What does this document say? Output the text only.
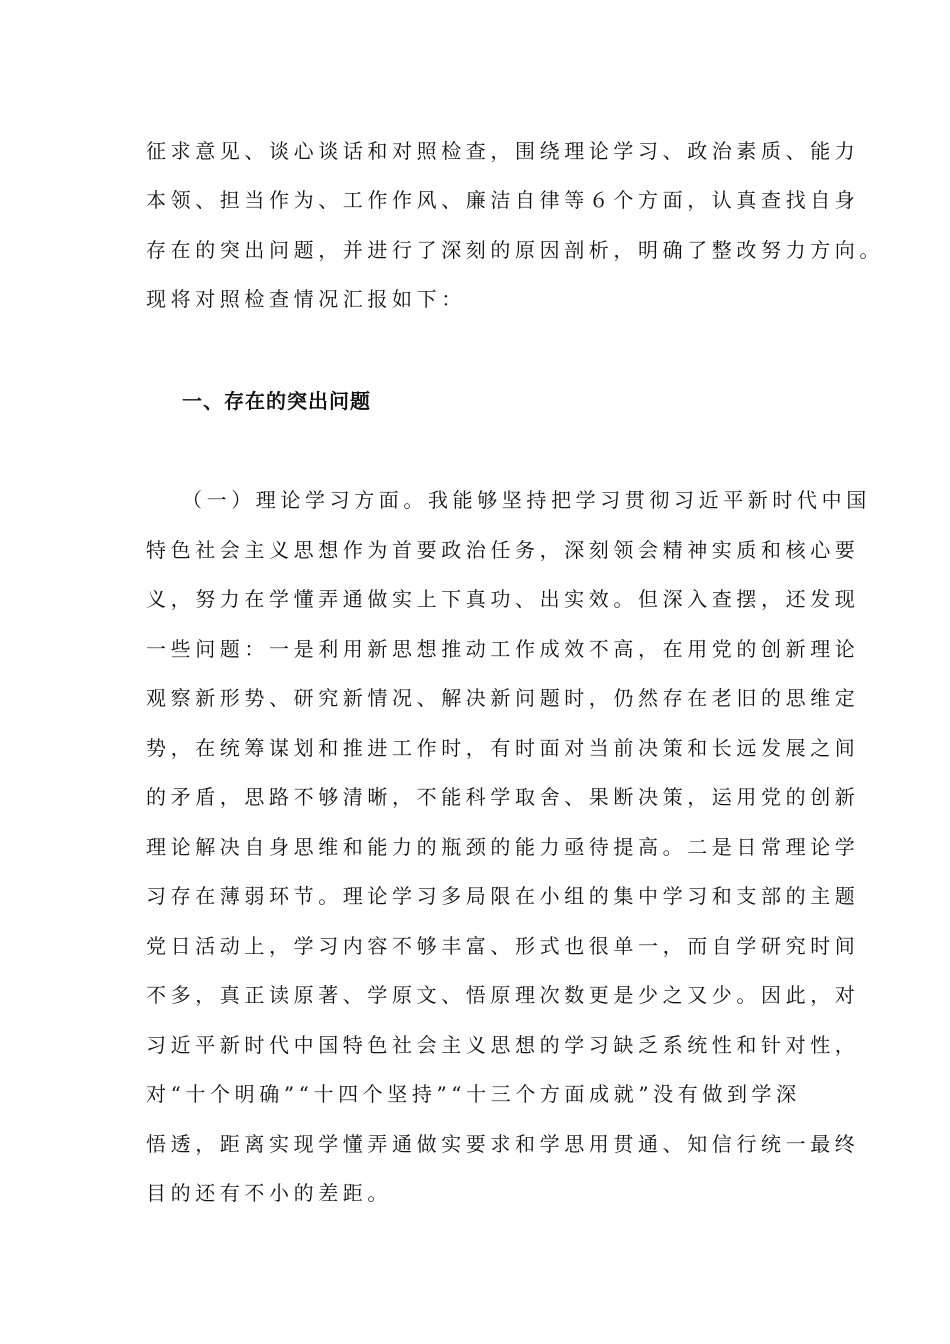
征求意见、谈心谈话和对照检查，围绕理论学习、政治素质、能力
本领、担当作为、工作作风、廉洁自律等６个方面，认真查找自身
存在的突出问题，并进行了深刻的原因剖析，明确了整改努力方向。
现将对照检查情况汇报如下：
一、存在的突出问题
（一）理论学习方面。我能够坚持把学习贯彻习近平新时代中国
特色社会主义思想作为首要政治任务，深刻领会精神实质和核心要
义，努力在学懂弄通做实上下真功、出实效。但深入查摆，还发现
一些问题：一是利用新思想推动工作成效不高，在用党的创新理论
观察新形势、研究新情况、解决新问题时，仍然存在老旧的思维定
势，在统筹谋划和推进工作时，有时面对当前决策和长远发展之间
的矛盾，思路不够清晰，不能科学取舍、果断决策，运用党的创新
理论解决自身思维和能力的瓶颈的能力亟待提高。二是日常理论学
习存在薄弱环节。理论学习多局限在小组的集中学习和支部的主题
党日活动上，学习内容不够丰富、形式也很单一，而自学研究时间
不多，真正读原著、学原文、悟原理次数更是少之又少。因此，对
习近平新时代中国特色社会主义思想的学习缺乏系统性和针对性，
对“十个明确”“十四个坚持”“十三个方面成就”没有做到学深
悟透，距离实现学懂弄通做实要求和学思用贯通、知信行统一最终
目的还有不小的差距。
